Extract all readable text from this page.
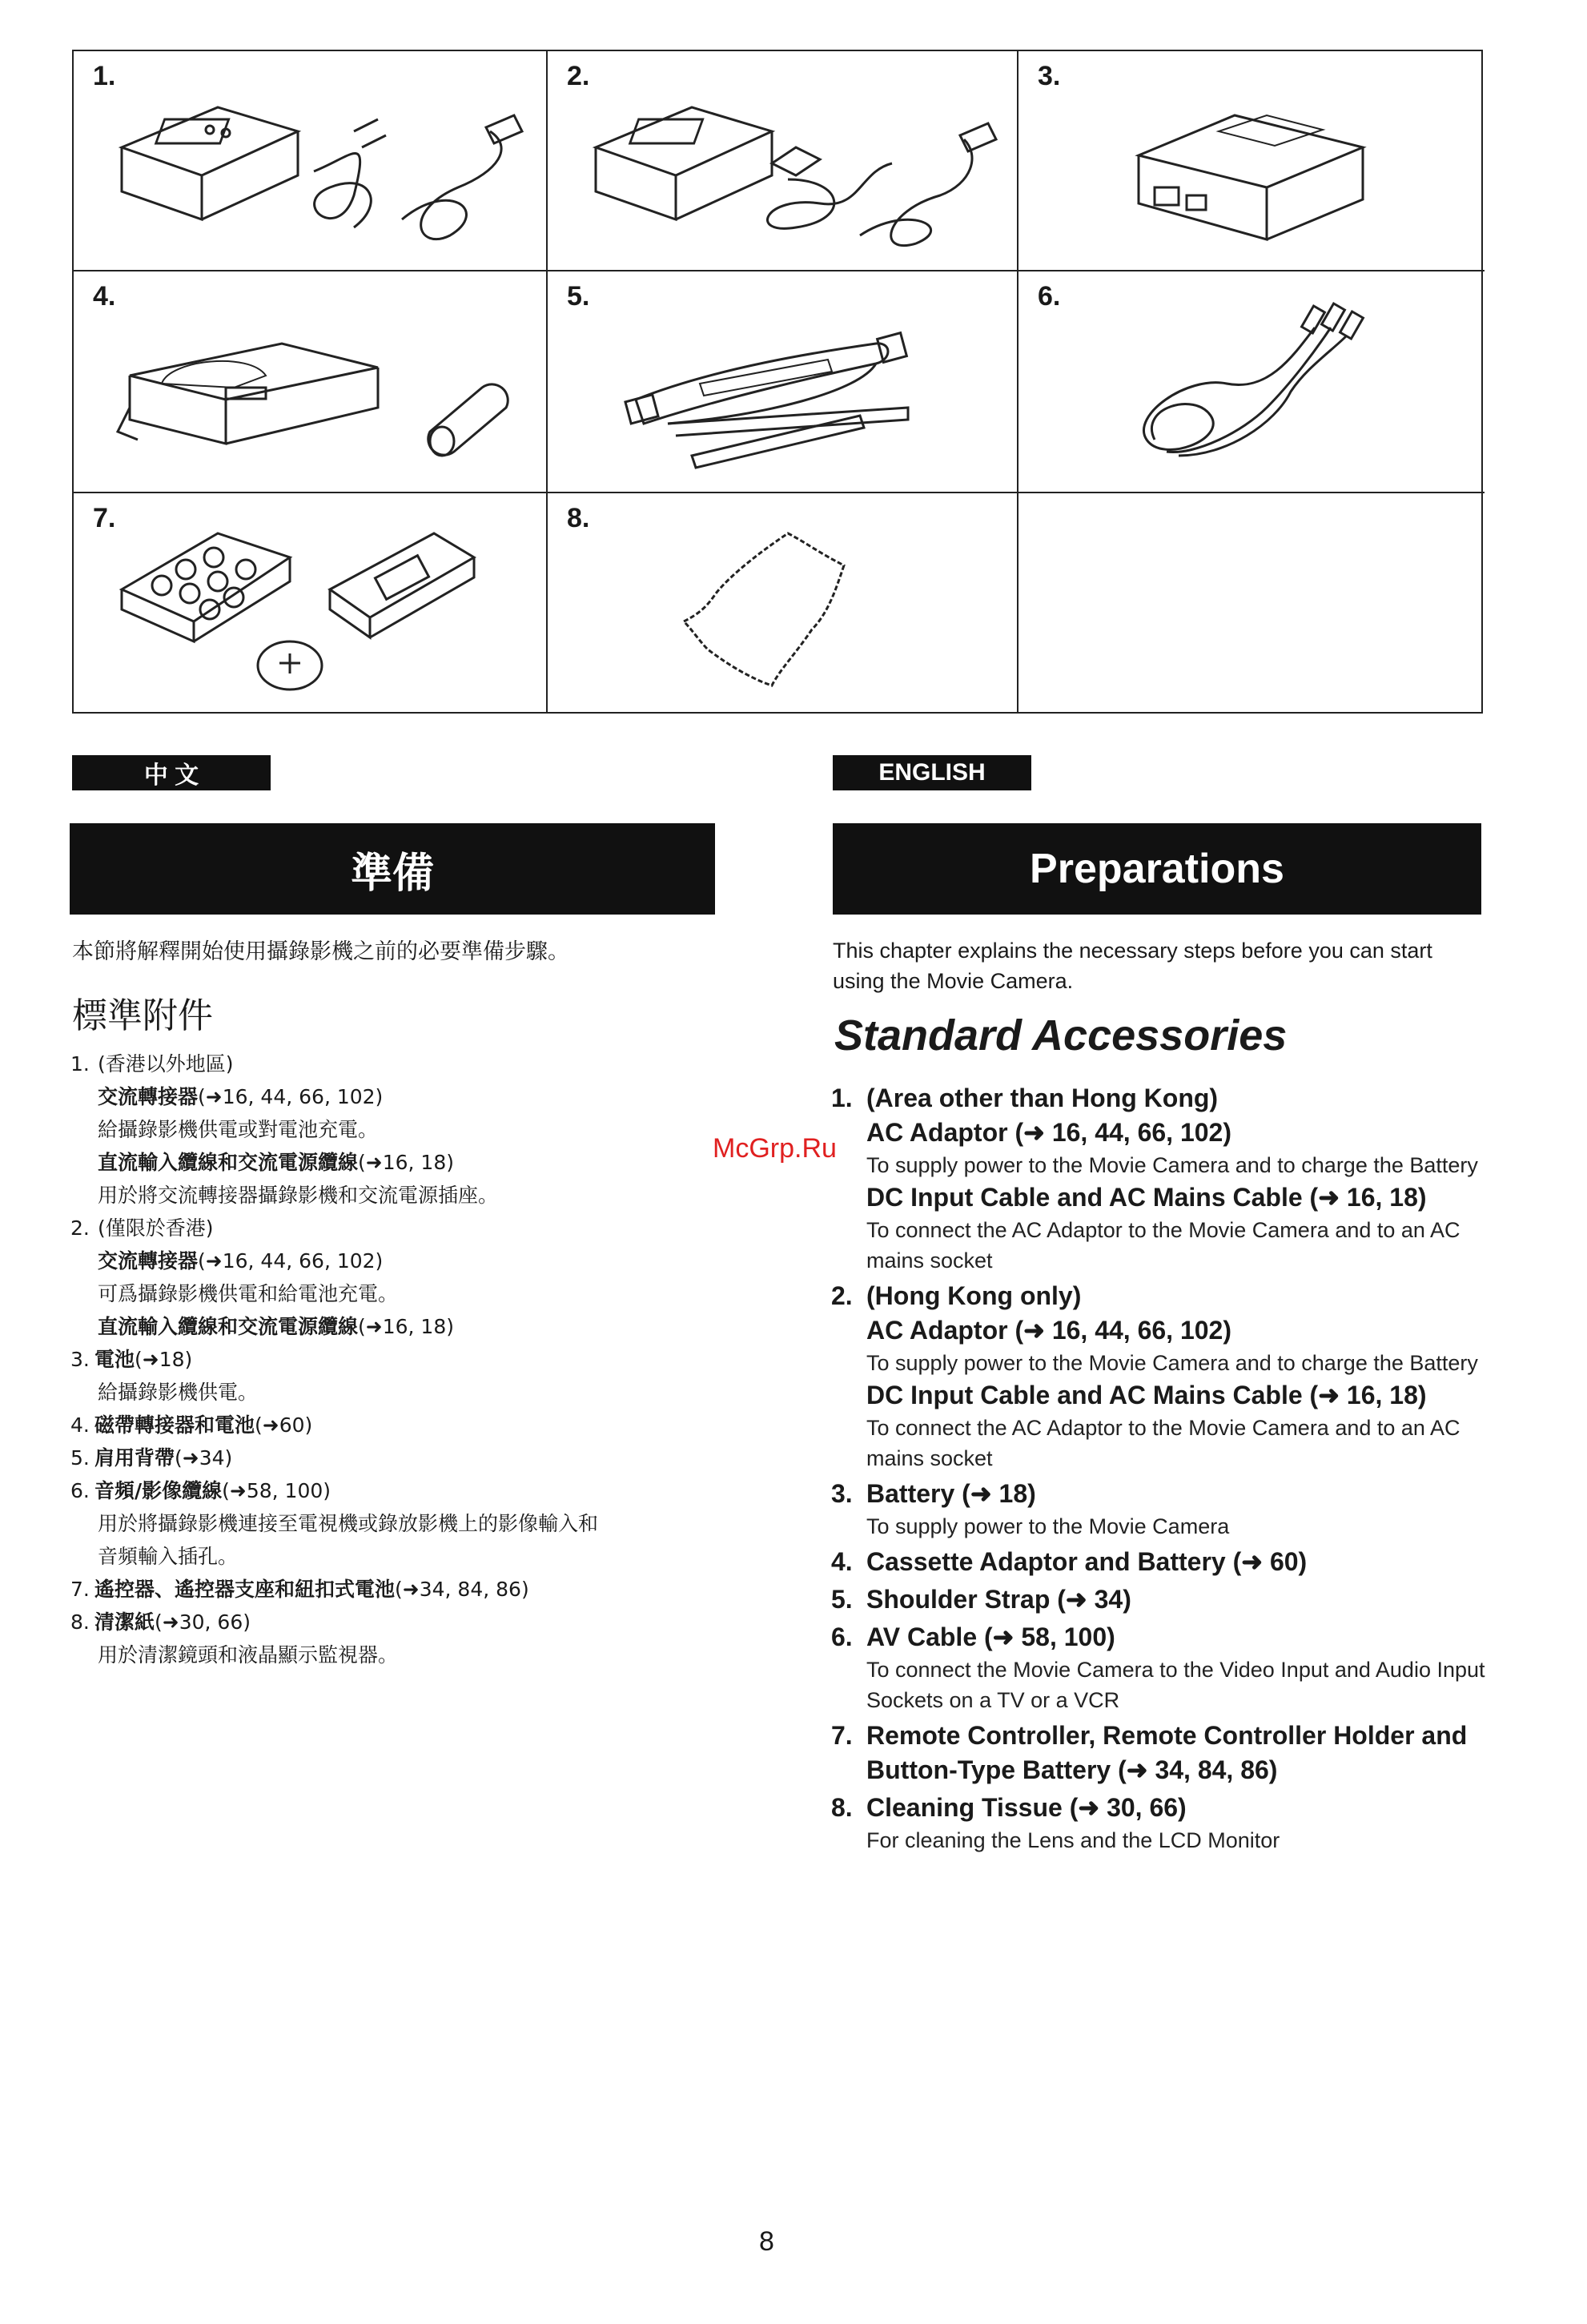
1.	2.	3.
4.	5.	6.
7.	8.
中 文
準備
本節將解釋開始使用攝錄影機之前的必要準備步驟。
標準附件
1. (香港以外地區)
交流轉接器(➜16, 44, 66, 102)
給攝錄影機供電或對電池充電。
直流輸入纜線和交流電源纜線(➜16, 18)
用於將交流轉接器攝錄影機和交流電源插座。
2. (僅限於香港)
交流轉接器(➜16, 44, 66, 102)
可爲攝錄影機供電和給電池充電。
直流輸入纜線和交流電源纜線(➜16, 18)
3. 電池(➜18)
給攝錄影機供電。
4. 磁帶轉接器和電池(➜60)
5. 肩用背帶(➜34)
6. 音頻/影像纜線(➜58, 100)
用於將攝錄影機連接至電視機或錄放影機上的影像輸入和
音頻輸入插孔。
7. 遙控器、遙控器支座和紐扣式電池(➜34, 84, 86)
8. 清潔紙(➜30, 66)
用於清潔鏡頭和液晶顯示監視器。
ENGLISH
Preparations
This chapter explains the necessary steps before you can start using the Movie Camera.
Standard Accessories
1. (Area other than Hong Kong)
AC Adaptor (➜ 16, 44, 66, 102)
To supply power to the Movie Camera and to charge the Battery
DC Input Cable and AC Mains Cable (➜ 16, 18)
To connect the AC Adaptor to the Movie Camera and to an AC mains socket
2. (Hong Kong only)
AC Adaptor (➜ 16, 44, 66, 102)
To supply power to the Movie Camera and to charge the Battery
DC Input Cable and AC Mains Cable (➜ 16, 18)
To connect the AC Adaptor to the Movie Camera and to an AC mains socket
3. Battery (➜ 18)
To supply power to the Movie Camera
4. Cassette Adaptor and Battery (➜ 60)
5. Shoulder Strap (➜ 34)
6. AV Cable (➜ 58, 100)
To connect the Movie Camera to the Video Input and Audio Input Sockets on a TV or a VCR
7. Remote Controller, Remote Controller Holder and Button-Type Battery (➜ 34, 84, 86)
8. Cleaning Tissue (➜ 30, 66)
For cleaning the Lens and the LCD Monitor
McGrp.Ru
8
